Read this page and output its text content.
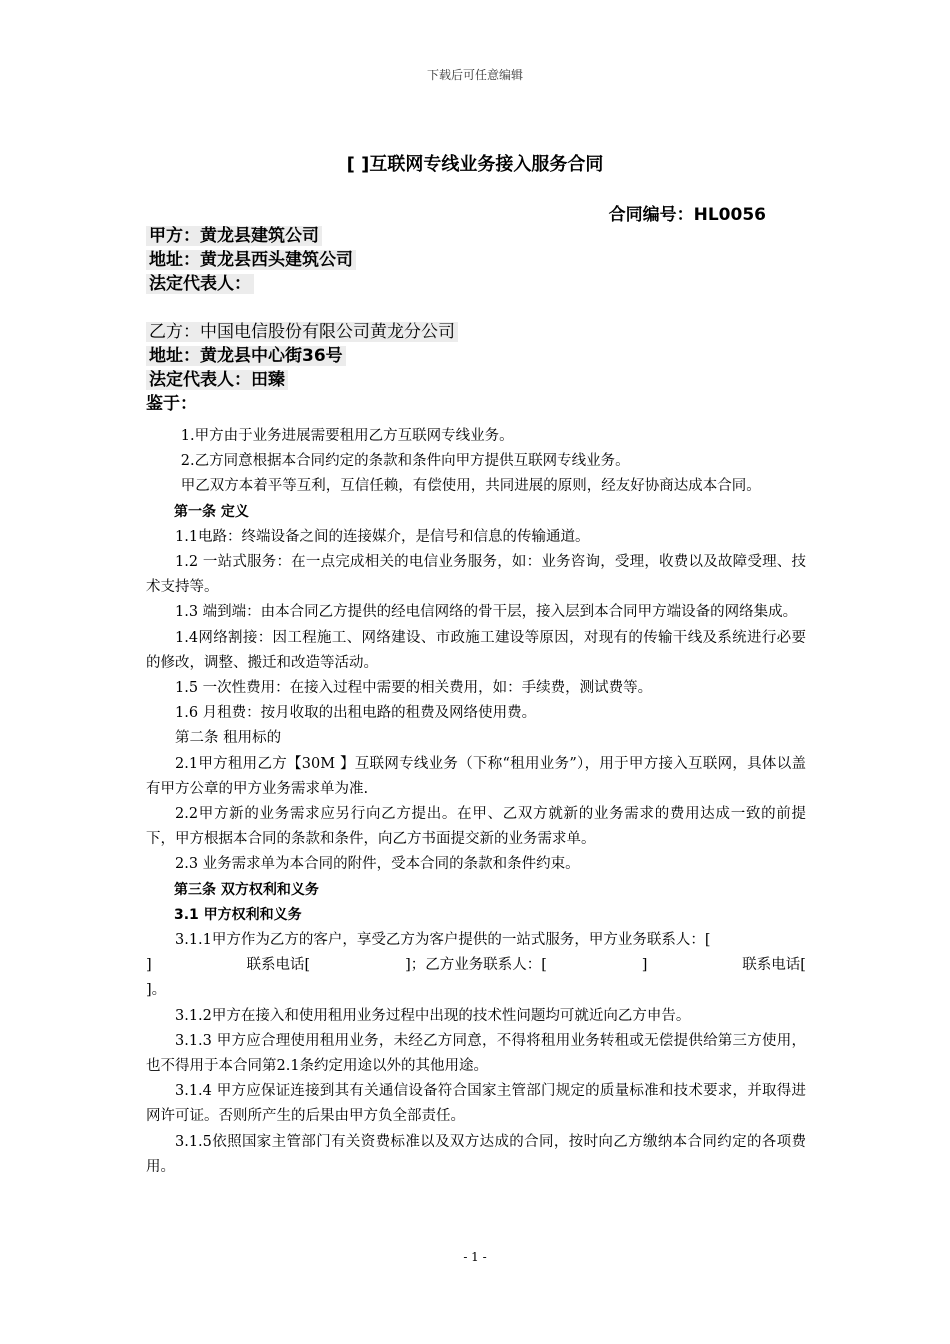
下载后可任意编辑
[ ]互联网专线业务接入服务合同
合同编号：HL0056
甲方：黄龙县建筑公司
地址：黄龙县西头建筑公司
法定代表人：
乙方：中国电信股份有限公司黄龙分公司
地址：黄龙县中心街36号
法定代表人：田臻
鉴于：

1.甲方由于业务进展需要租用乙方互联网专线业务。

2.乙方同意根据本合同约定的条款和条件向甲方提供互联网专线业务。

甲乙双方本着平等互利，互信任赖，有偿使用，共同进展的原则，经友好协商达成本合同。

第一条 定义

1.1电路：终端设备之间的连接媒介，是信号和信息的传输通道。

1.2 一站式服务：在一点完成相关的电信业务服务，如：业务咨询，受理，收费以及故障受理、技术支持等。

1.3 端到端：由本合同乙方提供的经电信网络的骨干层，接入层到本合同甲方端设备的网络集成。

1.4网络割接：因工程施工、网络建设、市政施工建设等原因，对现有的传输干线及系统进行必要的修改，调整、搬迁和改造等活动。

1.5 一次性费用：在接入过程中需要的相关费用，如：手续费，测试费等。

1.6 月租费：按月收取的出租电路的租费及网络使用费。

第二条 租用标的

2.1甲方租用乙方【30M 】互联网专线业务（下称“租用业务”），用于甲方接入互联网，具体以盖有甲方公章的甲方业务需求单为准.

2.2甲方新的业务需求应另行向乙方提出。在甲、乙双方就新的业务需求的费用达成一致的前提下，甲方根据本合同的条款和条件，向乙方书面提交新的业务需求单。

2.3 业务需求单为本合同的附件，受本合同的条款和条件约束。

第三条 双方权利和义务

3.1 甲方权利和义务

3.1.1甲方作为乙方的客户，享受乙方为客户提供的一站式服务，甲方业务联系人：[

]	联系电话[	]；乙方业务联系人：[	]	联系电话[

]。

3.1.2甲方在接入和使用租用业务过程中出现的技术性问题均可就近向乙方申告。

3.1.3 甲方应合理使用租用业务，未经乙方同意，不得将租用业务转租或无偿提供给第三方使用，也不得用于本合同第2.1条约定用途以外的其他用途。

3.1.4 甲方应保证连接到其有关通信设备符合国家主管部门规定的质量标准和技术要求，并取得进网许可证。否则所产生的后果由甲方负全部责任。

3.1.5依照国家主管部门有关资费标准以及双方达成的合同，按时向乙方缴纳本合同约定的各项费用。

- 1 -
